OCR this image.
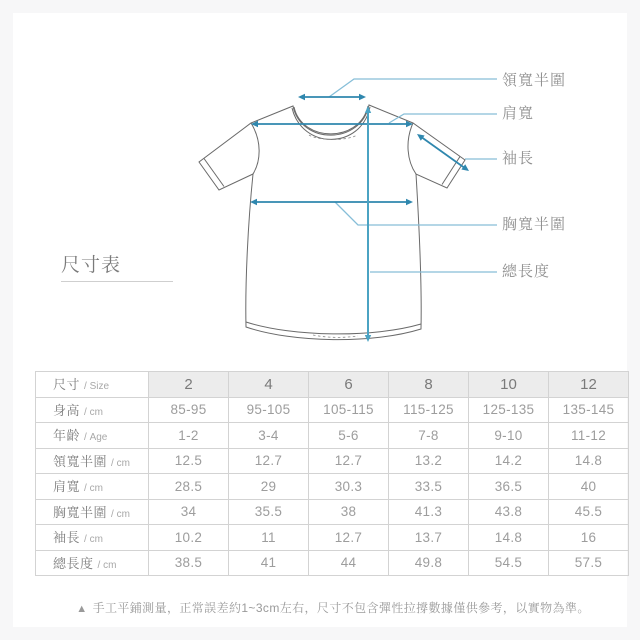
領寬半圍
肩寬
袖長
胸寬半圍
總長度
尺寸表
尺寸 / Size	2	4	6	8	10	12
身高 / cm	85-95	95-105	105-115	115-125	125-135	135-145
年齡 / Age	1-2	3-4	5-6	7-8	9-10	11-12
領寬半圍 / cm	12.5	12.7	12.7	13.2	14.2	14.8
肩寬 / cm	28.5	29	30.3	33.5	36.5	40
胸寬半圍 / cm	34	35.5	38	41.3	43.8	45.5
袖長 / cm	10.2	11	12.7	13.7	14.8	16
總長度 / cm	38.5	41	44	49.8	54.5	57.5
▲ 手工平鋪測量，正常誤差約1~3cm左右，尺寸不包含彈性拉撐數據僅供參考，以實物為準。
